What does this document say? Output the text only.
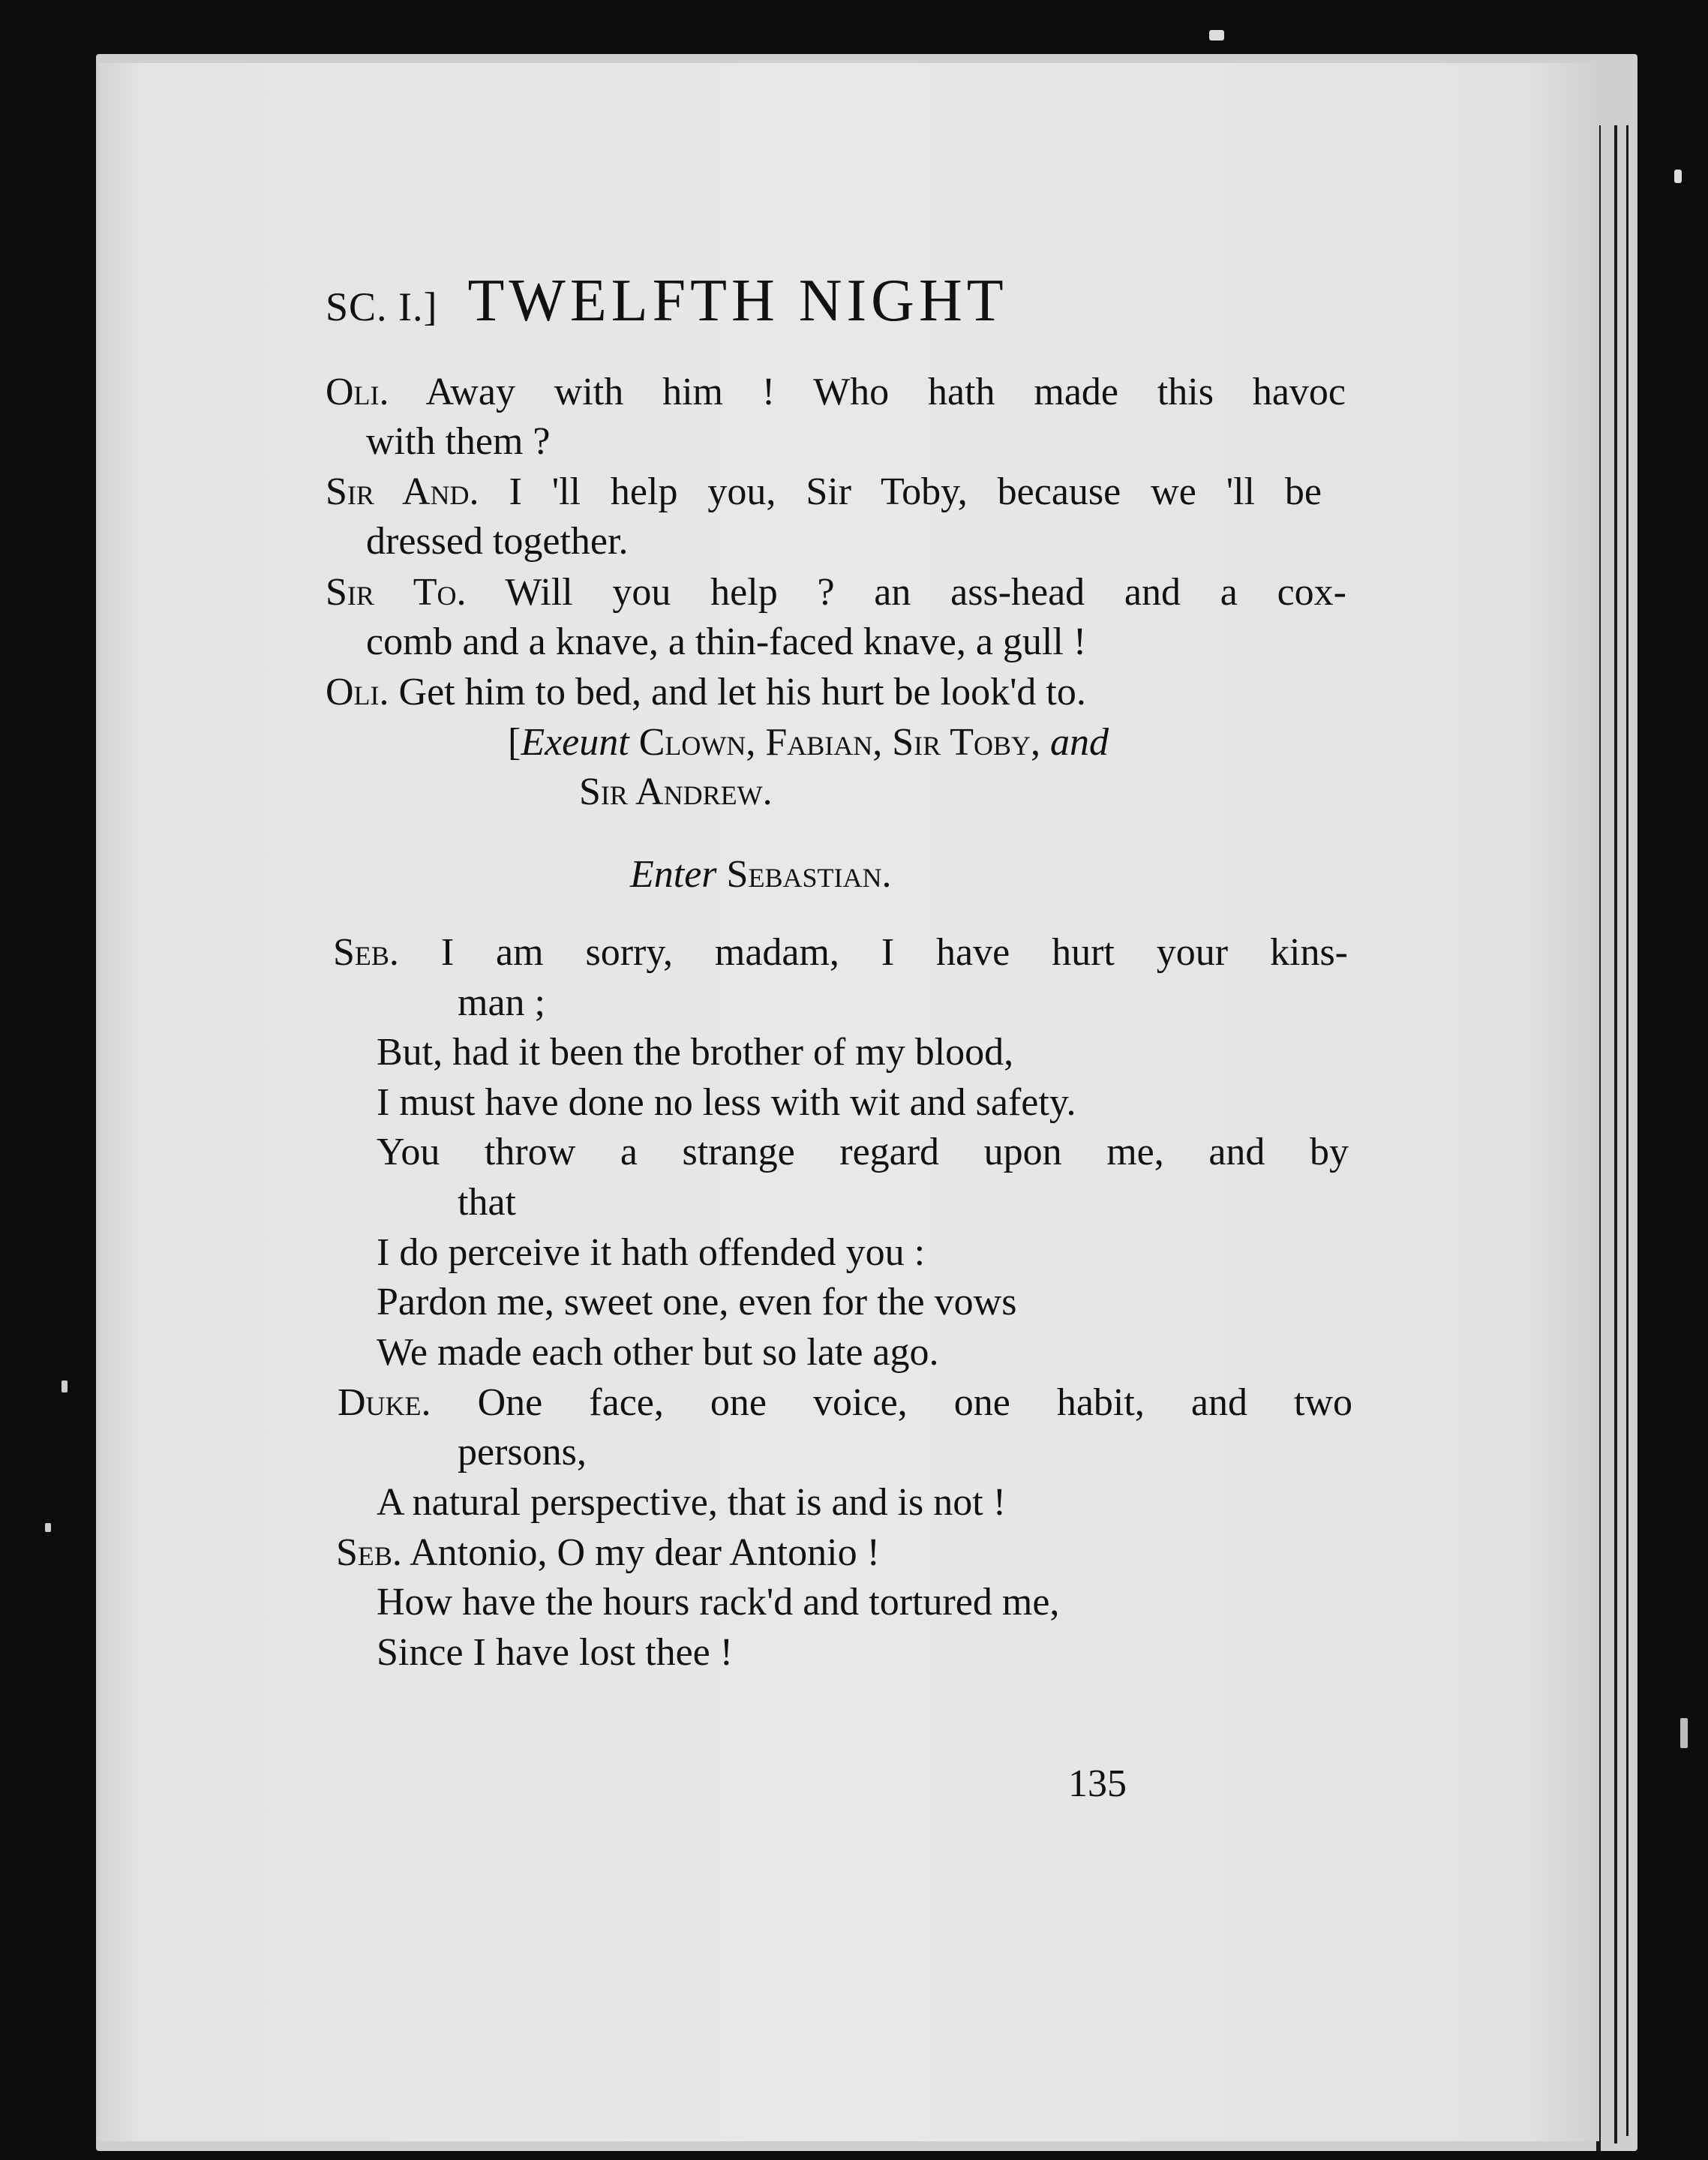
SC. I.] TWELFTH NIGHT
Oli. Away with him ! Who hath made this havoc
with them ?
Sir And. I 'll help you, Sir Toby, because we 'll be
dressed together.
Sir To. Will you help ? an ass-head and a cox-
comb and a knave, a thin-faced knave, a gull !
Oli. Get him to bed, and let his hurt be look'd to.
[Exeunt Clown, Fabian, Sir Toby, and
Sir Andrew.
Enter Sebastian.
Seb. I am sorry, madam, I have hurt your kins-
man ;
But, had it been the brother of my blood,
I must have done no less with wit and safety.
You throw a strange regard upon me, and by
that
I do perceive it hath offended you :
Pardon me, sweet one, even for the vows
We made each other but so late ago.
Duke. One face, one voice, one habit, and two
persons,
A natural perspective, that is and is not !
Seb. Antonio, O my dear Antonio !
How have the hours rack'd and tortured me,
Since I have lost thee !
135
